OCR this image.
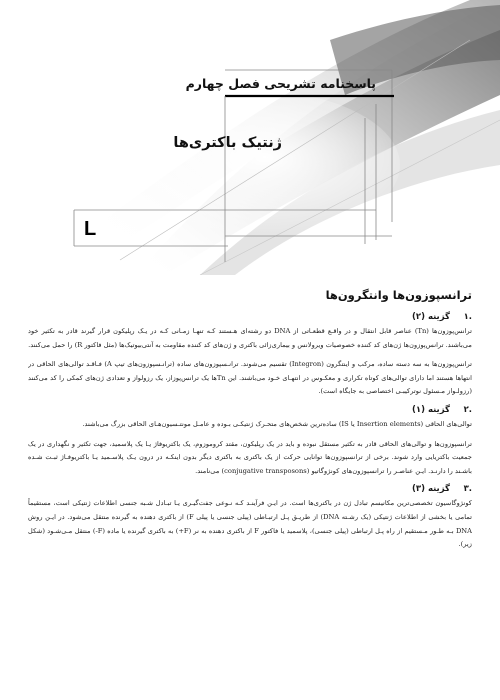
پاسخنامه تشریحی فصل چهارم
ژنتیک باکتری‌ها
L
ترانسپوزون‌ها وانتگرون‌ها
.۱
گزینه (۲)

ترانس‌پوزون‌ها (Tn) عناصر قابل انتقال و در واقـع قطعـاتی از DNA دو رشته‌ای هـستند کـه تنهـا زمـانی کـه در یـک رپلیکون قرار گیرند قادر به تکثیر خود می‌باشند. ترانس‌پوزون‌ها ژن‌های کد کننده خصوصیات ویرولانس و بیماری‌زائی باکتری و ژن‌های کد کننده مقاومت به آنتی‌بیوتیک‌ها (مثل فاکتور R) را حمل می‌کنند.

ترانس‌پوزون‌ها به سه دسته ساده، مرکب و اینتگرون (Integron) تقسیم می‌شوند. ترانـسپوزون‌های ساده (ترانـسپوزون‌های تیپ A) فـاقـد توالی‌های الحاقی در انتهاها هستند اما دارای توالی‌های کوتاه تکراری و معکـوس در انتهـای خـود می‌باشند. این Tnها یک ترانس‌پوزاز، یک رزولواز و تعدادی ژن‌های کمکی را کد می‌کنند (رزولـواز مـسئول نوترکیبـی اختصاصی به جایگاه است).

.۲
گزینه (۱)

توالی‌های الحاقی (Insertion elements یا IS) ساده‌ترین شخص‌های متحـرک ژنتیکـی بـوده و عامـل مونتـسیون‌هـای الحاقی بزرگ می‌باشند.

ترانسپوزون‌ها و توالی‌های الحاقی قادر به تکثیر مستقل نبوده و باید در یک رپلیکون، مقتد کروموزوم، یک باکتریوفاژ یـا یک پلاسمید، جهت تکثیر و نگهداری در یک جمعیت باکتریایی وارد شوند. برخی از ترانسپوزون‌ها توانایی حرکت از یک باکتری به باکتری دیگر بدون اینکـه در درون یـک پلاسـمید یـا باکتریوفـاژ ثبـت شـده باشـند را دارنـد. ایـن عناصـر را ترانسپوزون‌های کونژوگاتیو (conjugative transposons) می‌نامند.

.۳
گزینه (۳)

کونژوگاسیون تخصصی‌ترین مکانیسم تبادل ژن در باکتری‌ها است. در ایـن فرآینـد کـه نـوعی جفت‌گیـری یـا تبـادل شـبه جنسی اطلاعات ژنتیکی است، مستقیماً تمامی یا بخشی از اطلاعات ژنتیکی (یک رشـته DNA) از طریـق پـل ارتبـاطی (پیلی جنسی یا پیلی F) از باکتری دهنده به گیرنده منتقل می‌شود. در ایـن روش DNA بـه طـور مـستقیم از راه پـل ارتباطی (پیلی جنسی)، پلاسمید یا فاکتور F از باکتری دهنده به نر (F+) به باکتری گیرنده یا ماده (F-) منتقل مـی‌شـود (شکل زیر).
